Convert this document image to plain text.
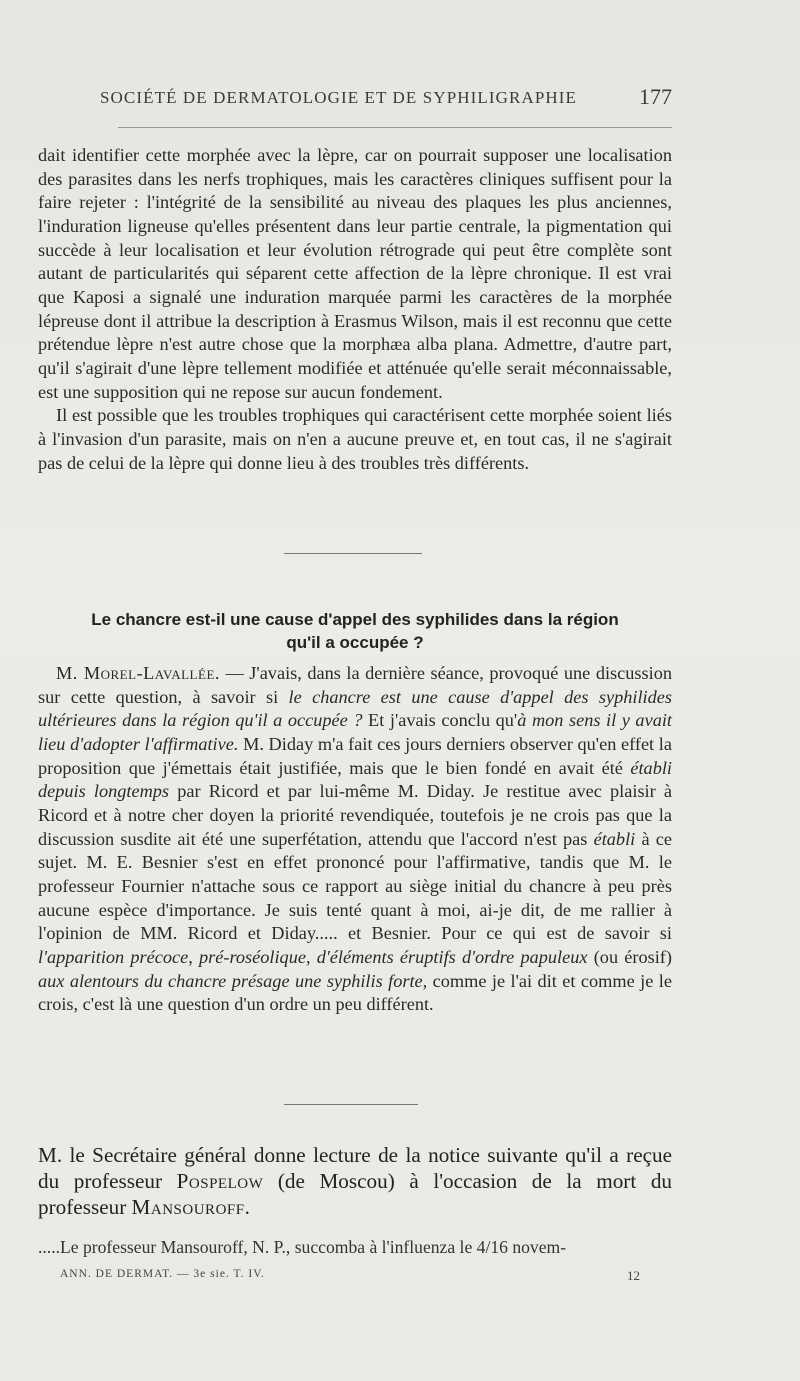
SOCIÉTÉ DE DERMATOLOGIE ET DE SYPHILIGRAPHIE	177

dait identifier cette morphée avec la lèpre, car on pourrait supposer une localisation des parasites dans les nerfs trophiques, mais les caractères cliniques suffisent pour la faire rejeter : l'intégrité de la sensibilité au niveau des plaques les plus anciennes, l'induration ligneuse qu'elles présentent dans leur partie centrale, la pigmentation qui succède à leur localisation et leur évolution rétrograde qui peut être complète sont autant de particularités qui séparent cette affection de la lèpre chronique. Il est vrai que Kaposi a signalé une induration marquée parmi les caractères de la morphée lépreuse dont il attribue la description à Erasmus Wilson, mais il est reconnu que cette prétendue lèpre n'est autre chose que la morphæa alba plana. Admettre, d'autre part, qu'il s'agirait d'une lèpre tellement modifiée et atténuée qu'elle serait méconnaissable, est une supposition qui ne repose sur aucun fondement.

Il est possible que les troubles trophiques qui caractérisent cette morphée soient liés à l'invasion d'un parasite, mais on n'en a aucune preuve et, en tout cas, il ne s'agirait pas de celui de la lèpre qui donne lieu à des troubles très différents.

Le chancre est-il une cause d'appel des syphilides dans la région
qu'il a occupée ?

M. Morel-Lavallée. — J'avais, dans la dernière séance, provoqué une discussion sur cette question, à savoir si le chancre est une cause d'appel des syphilides ultérieures dans la région qu'il a occupée ? Et j'avais conclu qu'à mon sens il y avait lieu d'adopter l'affirmative. M. Diday m'a fait ces jours derniers observer qu'en effet la proposition que j'émettais était justifiée, mais que le bien fondé en avait été établi depuis longtemps par Ricord et par lui-même M. Diday. Je restitue avec plaisir à Ricord et à notre cher doyen la priorité revendiquée, toutefois je ne crois pas que la discussion susdite ait été une superfétation, attendu que l'accord n'est pas établi à ce sujet. M. E. Besnier s'est en effet prononcé pour l'affirmative, tandis que M. le professeur Fournier n'attache sous ce rapport au siège initial du chancre à peu près aucune espèce d'importance. Je suis tenté quant à moi, ai-je dit, de me rallier à l'opinion de MM. Ricord et Diday..... et Besnier. Pour ce qui est de savoir si l'apparition précoce, pré-roséolique, d'éléments éruptifs d'ordre papuleux (ou érosif) aux alentours du chancre présage une syphilis forte, comme je l'ai dit et comme je le crois, c'est là une question d'un ordre un peu différent.

M. le Secrétaire général donne lecture de la notice suivante qu'il a reçue du professeur Pospelow (de Moscou) à l'occasion de la mort du professeur Mansouroff.
.....Le professeur Mansouroff, N. P., succomba à l'influenza le 4/16 novem-
ANN. DE DERMAT. — 3e sie. T. IV.	12
